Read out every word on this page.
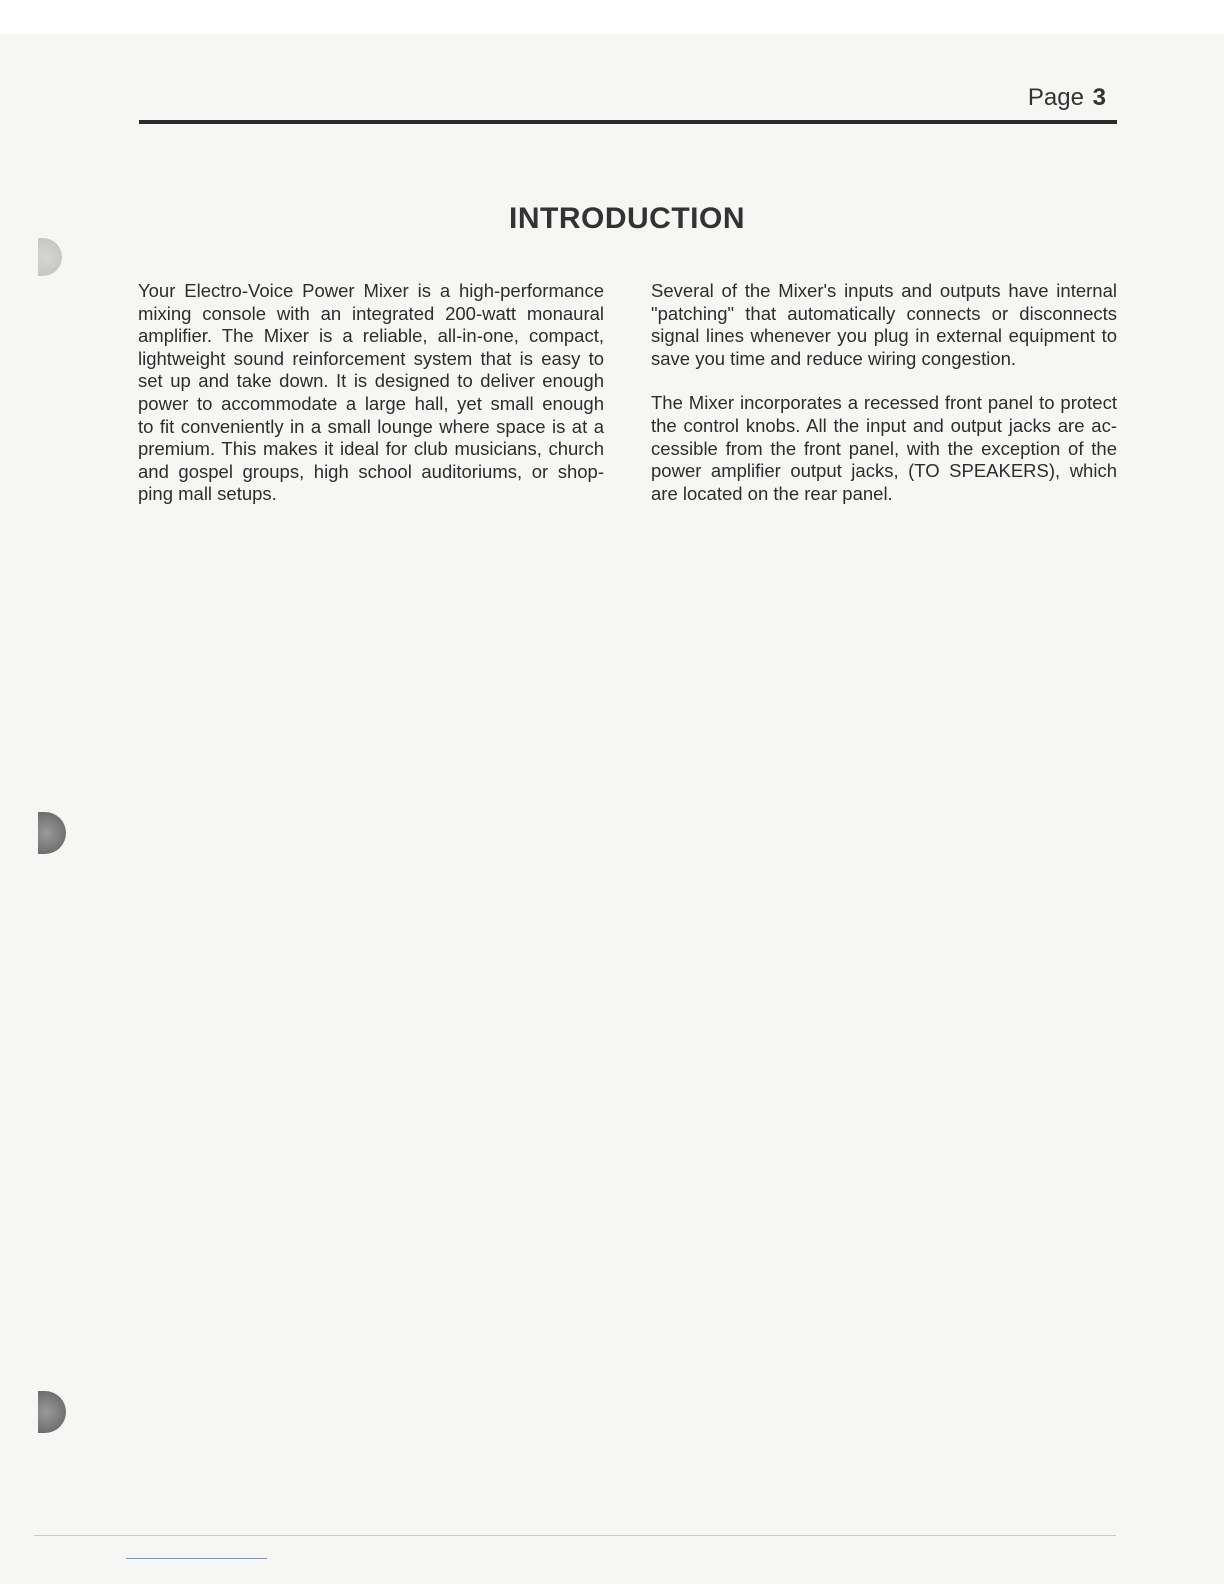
Page 3
INTRODUCTION
Your Electro-Voice Power Mixer is a high-performance
mixing console with an integrated 200-watt monaural
amplifier. The Mixer is a reliable, all-in-one, compact,
lightweight sound reinforcement system that is easy to
set up and take down. It is designed to deliver enough
power to accommodate a large hall, yet small enough
to fit conveniently in a small lounge where space is at a
premium. This makes it ideal for club musicians, church
and gospel groups, high school auditoriums, or shop-
ping mall setups.
Several of the Mixer's inputs and outputs have internal
"patching" that automatically connects or disconnects
signal lines whenever you plug in external equipment to
save you time and reduce wiring congestion.
The Mixer incorporates a recessed front panel to protect
the control knobs. All the input and output jacks are ac-
cessible from the front panel, with the exception of the
power amplifier output jacks, (TO SPEAKERS), which
are located on the rear panel.
